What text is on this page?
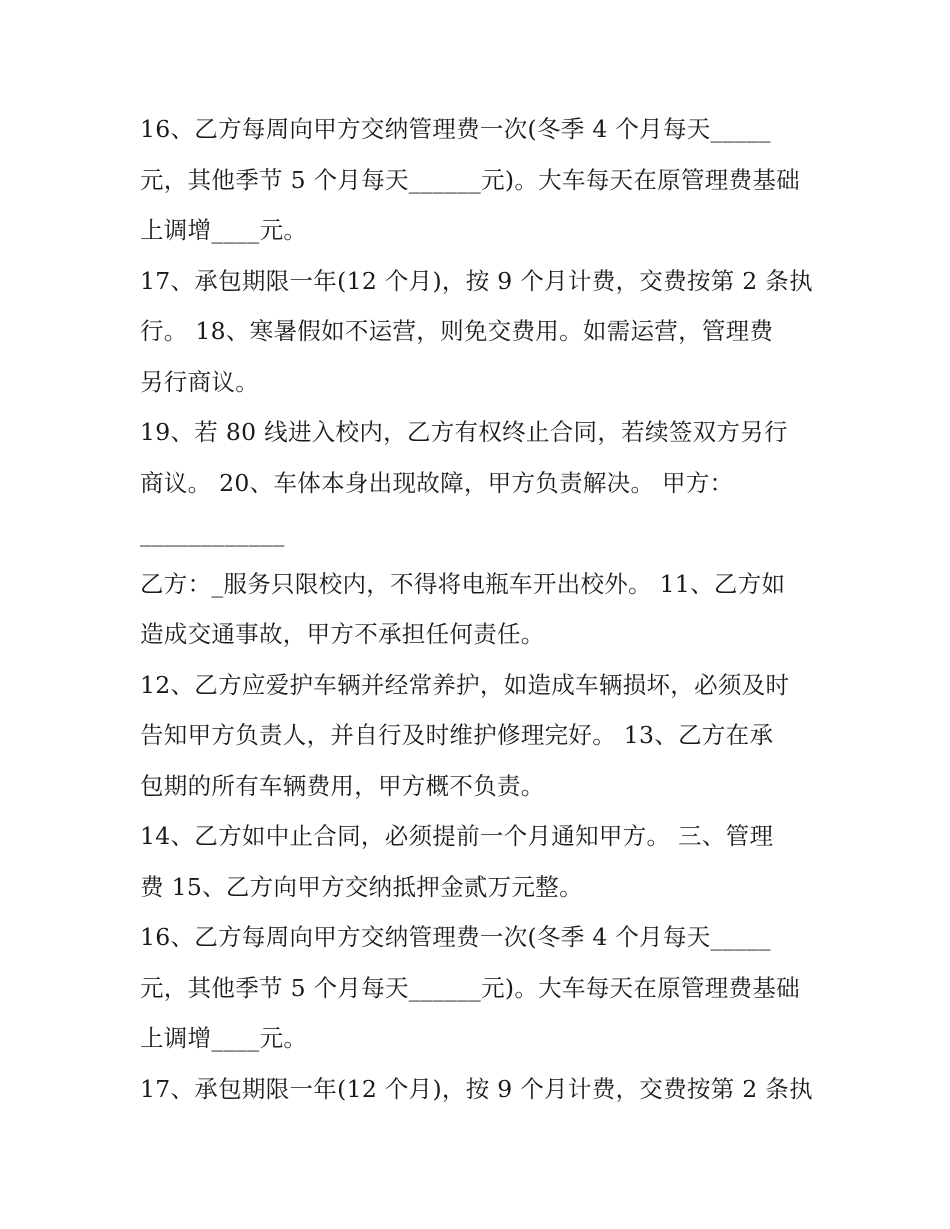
16、乙方每周向甲方交纳管理费一次(冬季 4 个月每天_____
元，其他季节 5 个月每天______元)。大车每天在原管理费基础
上调增____元。
17、承包期限一年(12 个月)，按 9 个月计费，交费按第 2 条执
行。 18、寒暑假如不运营，则免交费用。如需运营，管理费
另行商议。
19、若 80 线进入校内，乙方有权终止合同，若续签双方另行
商议。 20、车体本身出现故障，甲方负责解决。 甲方：
____________
乙方：_服务只限校内，不得将电瓶车开出校外。 11、乙方如
造成交通事故，甲方不承担任何责任。
12、乙方应爱护车辆并经常养护，如造成车辆损坏，必须及时
告知甲方负责人，并自行及时维护修理完好。 13、乙方在承
包期的所有车辆费用，甲方概不负责。
14、乙方如中止合同，必须提前一个月通知甲方。 三、管理
费 15、乙方向甲方交纳抵押金贰万元整。
16、乙方每周向甲方交纳管理费一次(冬季 4 个月每天_____
元，其他季节 5 个月每天______元)。大车每天在原管理费基础
上调增____元。
17、承包期限一年(12 个月)，按 9 个月计费，交费按第 2 条执
